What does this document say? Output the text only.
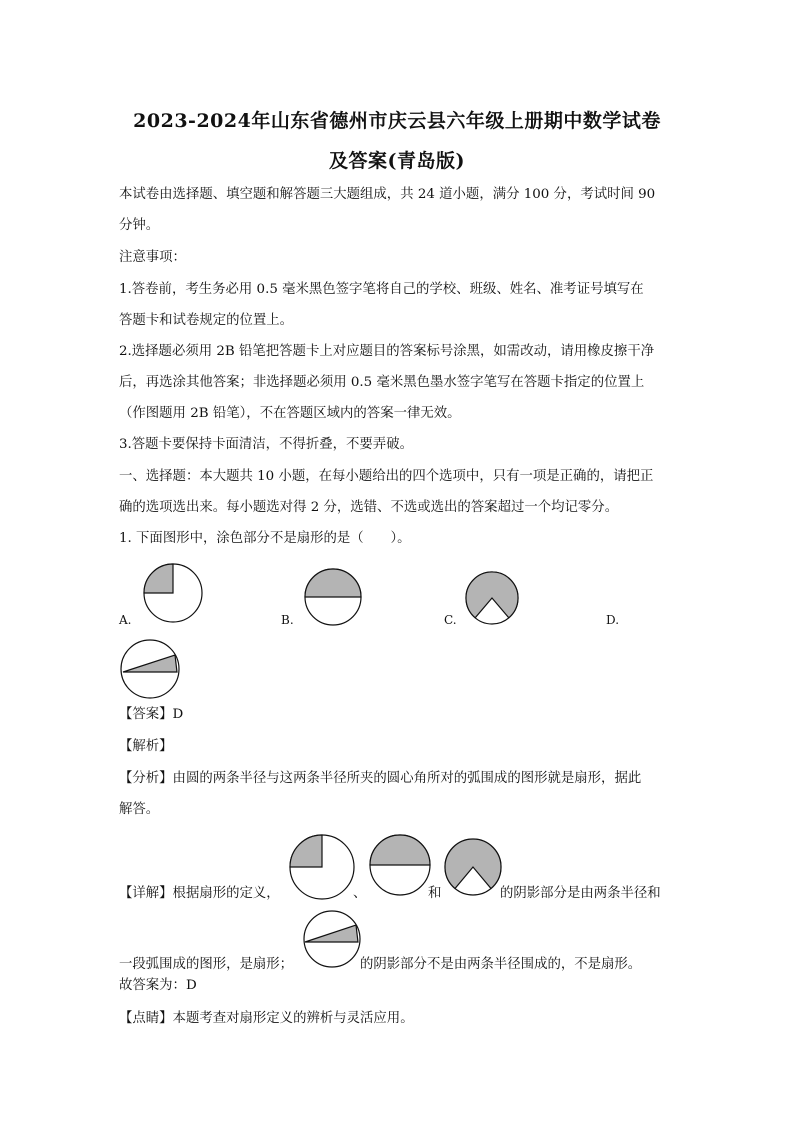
2023-2024年山东省德州市庆云县六年级上册期中数学试卷
及答案(青岛版)
本试卷由选择题、填空题和解答题三大题组成，共 24 道小题，满分 100 分，考试时间 90
分钟。
注意事项：
1.答卷前，考生务必用 0.5 毫米黑色签字笔将自己的学校、班级、姓名、准考证号填写在
答题卡和试卷规定的位置上。
2.选择题必须用 2B 铅笔把答题卡上对应题目的答案标号涂黑，如需改动，请用橡皮擦干净
后，再选涂其他答案；非选择题必须用 0.5 毫米黑色墨水签字笔写在答题卡指定的位置上
（作图题用 2B 铅笔），不在答题区域内的答案一律无效。
3.答题卡要保持卡面清洁，不得折叠，不要弄破。
一、选择题：本大题共 10 小题，在每小题给出的四个选项中，只有一项是正确的，请把正
确的选项选出来。每小题选对得 2 分，选错、不选或选出的答案超过一个均记零分。
1. 下面图形中，涂色部分不是扇形的是（　　）。
A.	B.	C.	D.
【答案】D
【解析】
【分析】由圆的两条半径与这两条半径所夹的圆心角所对的弧围成的图形就是扇形，据此
解答。
【详解】根据扇形的定义，	、	和	的阴影部分是由两条半径和
一段弧围成的图形，是扇形；	的阴影部分不是由两条半径围成的，不是扇形。
故答案为：D
【点睛】本题考查对扇形定义的辨析与灵活应用。
